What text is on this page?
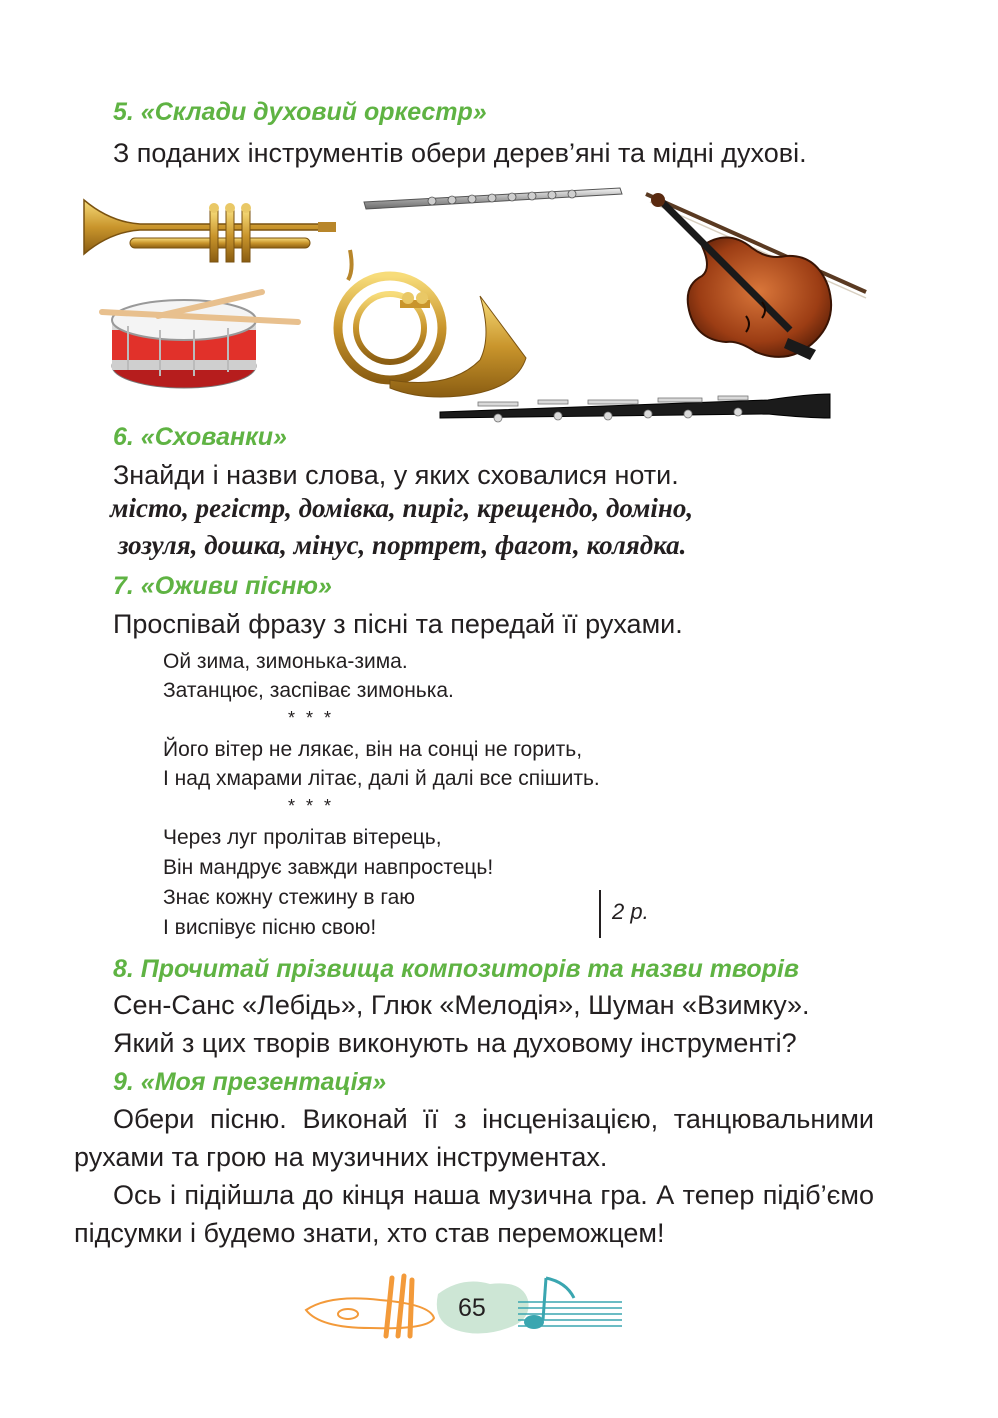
5. «Склади духовий оркестр»
З поданих інструментів обери дерев’яні та мідні духові.
6. «Схованки»
Знайди і назви слова, у яких сховалися ноти.
місто, регістр, домівка, пиріг, крещендо, доміно,
зозуля, дошка, мінус, портрет, фагот, колядка.
7. «Оживи пісню»
Проспівай фразу з пісні та передай її рухами.
Ой зима, зимонька-зима.
Затанцює, заспіває зимонька.
* * *
Його вітер не лякає, він на сонці не горить,
І над хмарами літає, далі й далі все спішить.
* * *
Через луг пролітав вітерець,
Він мандрує завжди навпростець!
Знає кожну стежину в гаю
І виспівує пісню свою!
2 р.
8. Прочитай прізвища композиторів та назви творів
Сен-Санс «Лебідь», Глюк «Мелодія», Шуман «Взимку».
Який з цих творів виконують на духовому інструменті?
9. «Моя презентація»
Обери пісню. Виконай її з інсценізацією, танцювальними рухами та грою на музичних інструментах.
Ось і підійшла до кінця наша музична гра. А тепер підіб’ємо підсумки і будемо знати, хто став переможцем!
65
